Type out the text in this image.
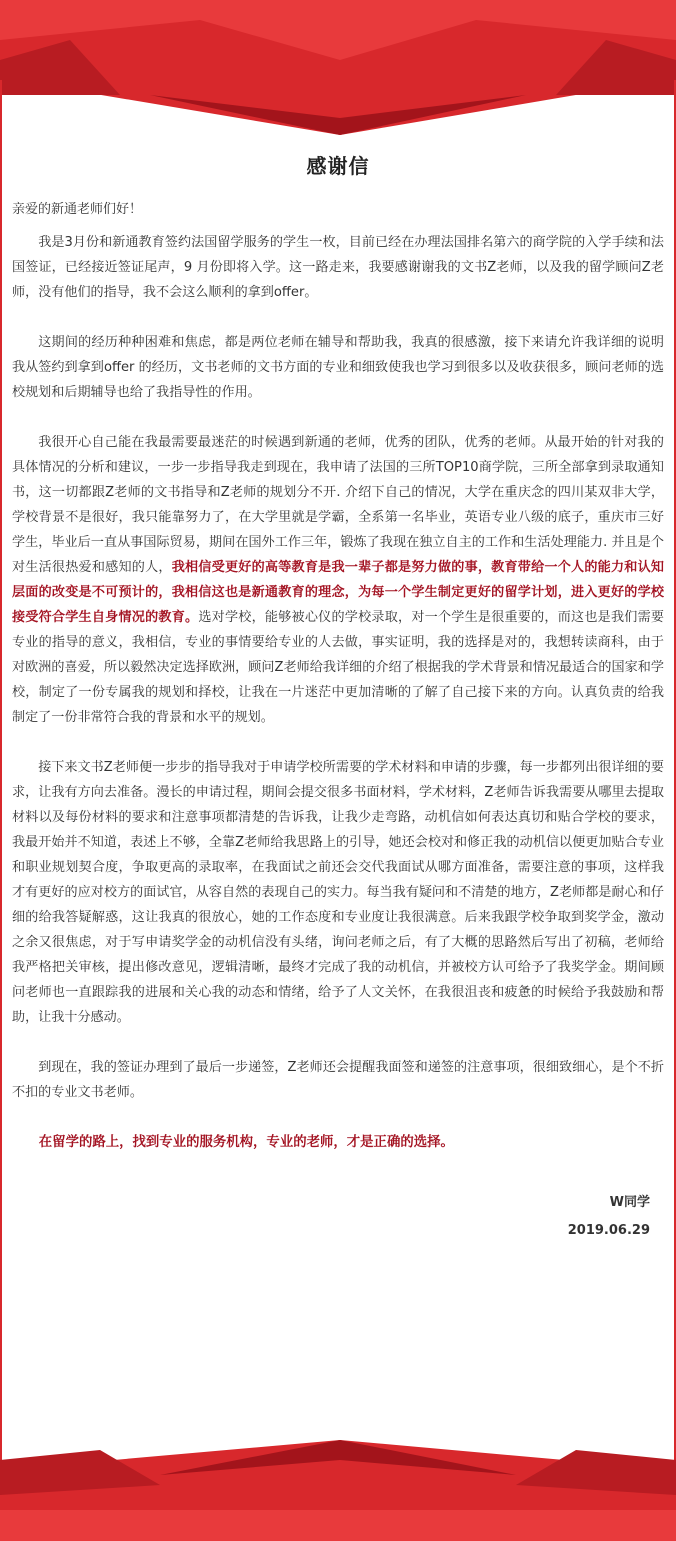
感谢信
亲爱的新通老师们好！
我是3月份和新通教育签约法国留学服务的学生一枚，目前已经在办理法国排名第六的商学院的入学手续和法国签证，已经接近签证尾声，9 月份即将入学。这一路走来，我要感谢谢我的文书Z老师，以及我的留学顾问Z老师，没有他们的指导，我不会这么顺利的拿到offer。
这期间的经历种种困难和焦虑，都是两位老师在辅导和帮助我，我真的很感激，接下来请允许我详细的说明我从签约到拿到offer 的经历，文书老师的文书方面的专业和细致使我也学习到很多以及收获很多，顾问老师的选校规划和后期辅导也给了我指导性的作用。
我很开心自己能在我最需要最迷茫的时候遇到新通的老师，优秀的团队，优秀的老师。从最开始的针对我的具体情况的分析和建议，一步一步指导我走到现在，我申请了法国的三所TOP10商学院，三所全部拿到录取通知书，这一切都跟Z老师的文书指导和Z老师的规划分不开. 介绍下自己的情况，大学在重庆念的四川某双非大学，学校背景不是很好，我只能靠努力了，在大学里就是学霸，全系第一名毕业，英语专业八级的底子，重庆市三好学生，毕业后一直从事国际贸易，期间在国外工作三年，锻炼了我现在独立自主的工作和生活处理能力. 并且是个对生活很热爱和感知的人，我相信受更好的高等教育是我一辈子都是努力做的事，教育带给一个人的能力和认知层面的改变是不可预计的，我相信这也是新通教育的理念，为每一个学生制定更好的留学计划，进入更好的学校接受符合学生自身情况的教育。选对学校，能够被心仪的学校录取，对一个学生是很重要的，而这也是我们需要专业的指导的意义，我相信，专业的事情要给专业的人去做，事实证明，我的选择是对的，我想转读商科，由于对欧洲的喜爱，所以毅然决定选择欧洲，顾问Z老师给我详细的介绍了根据我的学术背景和情况最适合的国家和学校，制定了一份专属我的规划和择校，让我在一片迷茫中更加清晰的了解了自己接下来的方向。认真负责的给我制定了一份非常符合我的背景和水平的规划。
接下来文书Z老师便一步步的指导我对于申请学校所需要的学术材料和申请的步骤，每一步都列出很详细的要求，让我有方向去准备。漫长的申请过程，期间会提交很多书面材料，学术材料，Z老师告诉我需要从哪里去提取材料以及每份材料的要求和注意事项都清楚的告诉我，让我少走弯路，动机信如何表达真切和贴合学校的要求，我最开始并不知道，表述上不够，全靠Z老师给我思路上的引导，她还会校对和修正我的动机信以便更加贴合专业和职业规划契合度，争取更高的录取率，在我面试之前还会交代我面试从哪方面准备，需要注意的事项，这样我才有更好的应对校方的面试官，从容自然的表现自己的实力。每当我有疑问和不清楚的地方，Z老师都是耐心和仔细的给我答疑解惑，这让我真的很放心，她的工作态度和专业度让我很满意。后来我跟学校争取到奖学金，激动之余又很焦虑，对于写申请奖学金的动机信没有头绪，询问老师之后，有了大概的思路然后写出了初稿，老师给我严格把关审核，提出修改意见，逻辑清晰，最终才完成了我的动机信，并被校方认可给予了我奖学金。期间顾问老师也一直跟踪我的进展和关心我的动态和情绪，给予了人文关怀，在我很沮丧和疲惫的时候给予我鼓励和帮助，让我十分感动。
到现在，我的签证办理到了最后一步递签，Z老师还会提醒我面签和递签的注意事项，很细致细心，是个不折不扣的专业文书老师。
在留学的路上，找到专业的服务机构，专业的老师，才是正确的选择。
W同学
2019.06.29
